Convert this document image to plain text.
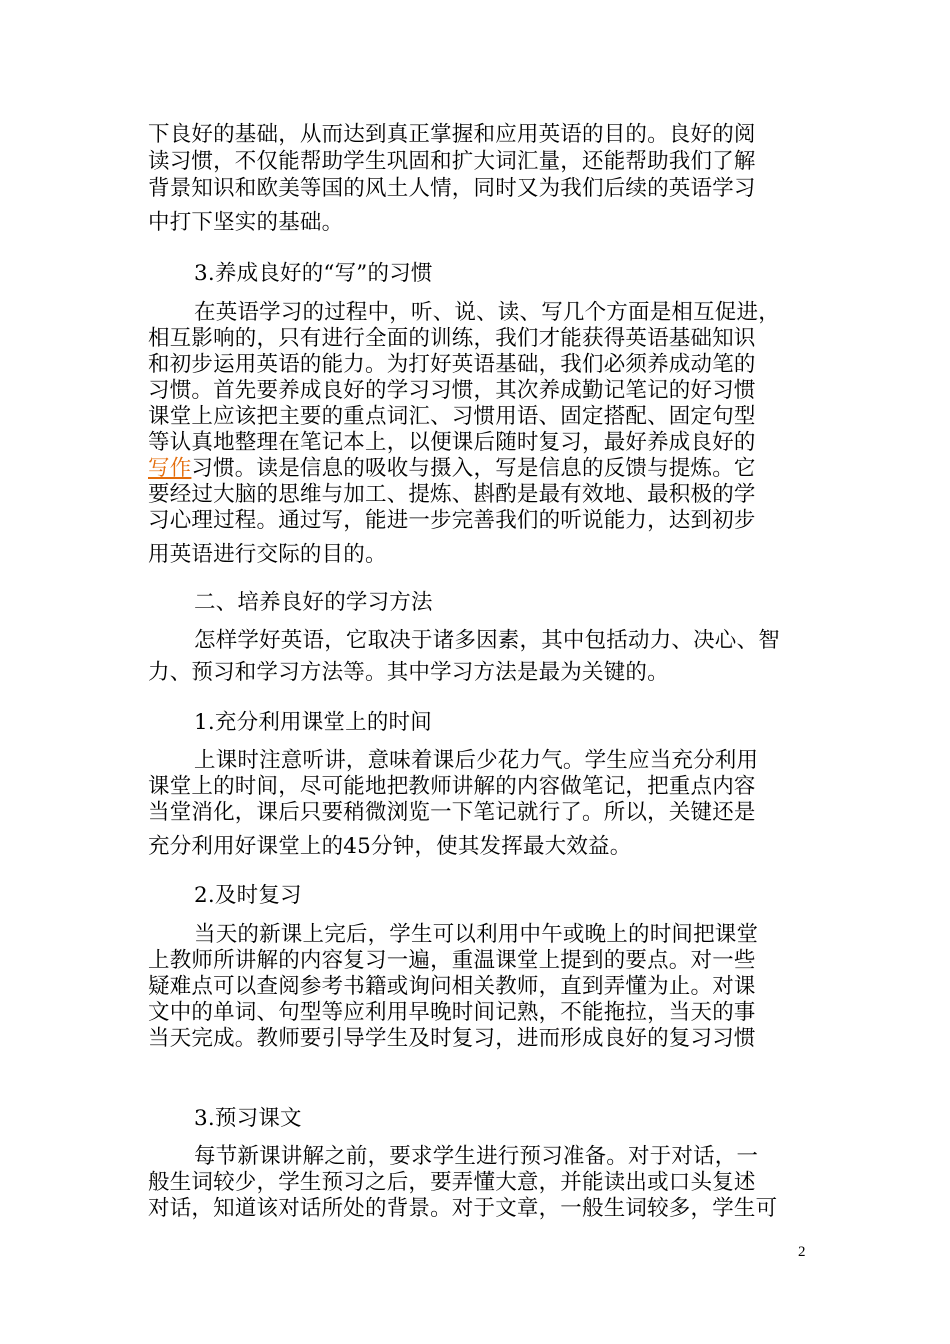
下良好的基础，从而达到真正掌握和应用英语的目的。良好的阅
读习惯，不仅能帮助学生巩固和扩大词汇量，还能帮助我们了解
背景知识和欧美等国的风土人情，同时又为我们后续的英语学习
中打下坚实的基础。
3.养成良好的“写”的习惯
在英语学习的过程中，听、说、读、写几个方面是相互促进，
相互影响的，只有进行全面的训练，我们才能获得英语基础知识
和初步运用英语的能力。为打好英语基础，我们必须养成动笔的
习惯。首先要养成良好的学习习惯，其次养成勤记笔记的好习惯
课堂上应该把主要的重点词汇、习惯用语、固定搭配、固定句型
等认真地整理在笔记本上，以便课后随时复习，最好养成良好的
写作习惯。读是信息的吸收与摄入，写是信息的反馈与提炼。它
要经过大脑的思维与加工、提炼、斟酌是最有效地、最积极的学
习心理过程。通过写，能进一步完善我们的听说能力，达到初步
用英语进行交际的目的。
二、培养良好的学习方法
怎样学好英语，它取决于诸多因素，其中包括动力、决心、智
力、预习和学习方法等。其中学习方法是最为关键的。
1.充分利用课堂上的时间
上课时注意听讲，意味着课后少花力气。学生应当充分利用
课堂上的时间，尽可能地把教师讲解的内容做笔记，把重点内容
当堂消化，课后只要稍微浏览一下笔记就行了。所以，关键还是
充分利用好课堂上的45分钟，使其发挥最大效益。
2.及时复习
当天的新课上完后，学生可以利用中午或晚上的时间把课堂
上教师所讲解的内容复习一遍，重温课堂上提到的要点。对一些
疑难点可以查阅参考书籍或询问相关教师，直到弄懂为止。对课
文中的单词、句型等应利用早晚时间记熟，不能拖拉，当天的事
当天完成。教师要引导学生及时复习，进而形成良好的复习习惯
3.预习课文
每节新课讲解之前，要求学生进行预习准备。对于对话，一
般生词较少，学生预习之后，要弄懂大意，并能读出或口头复述
对话，知道该对话所处的背景。对于文章，一般生词较多，学生可
2
